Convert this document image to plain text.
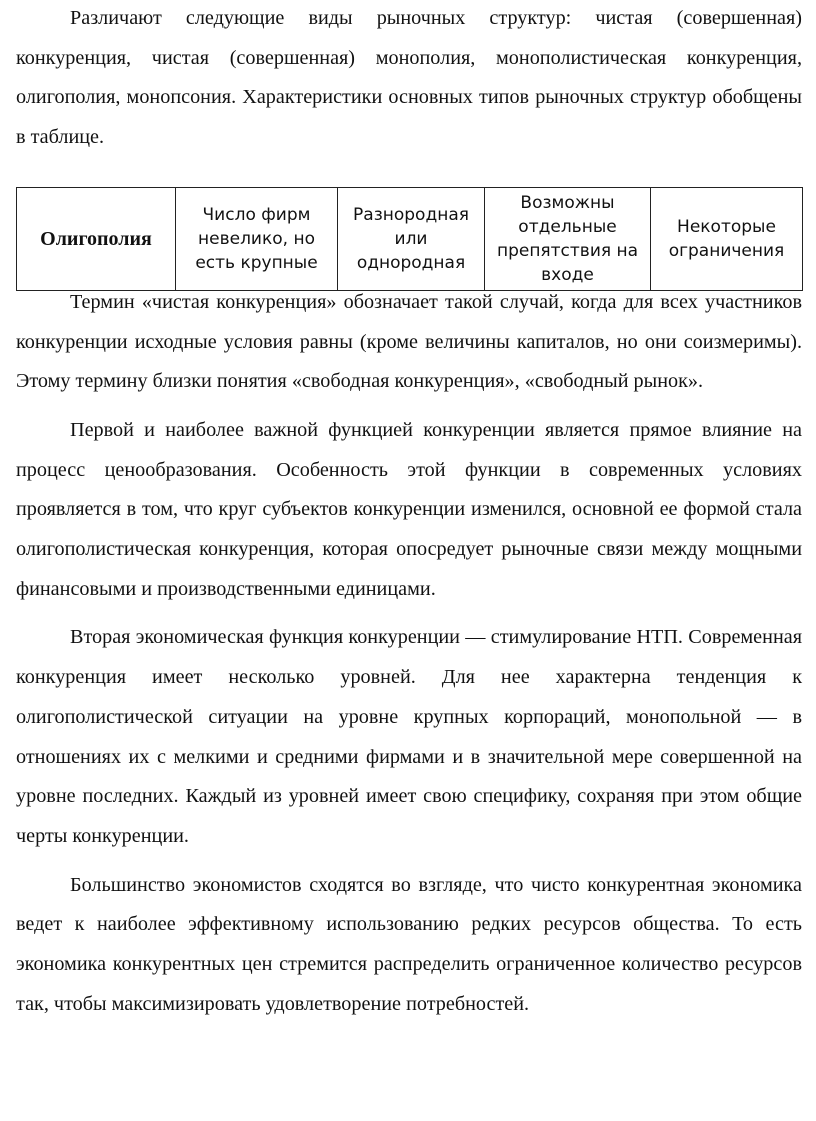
Различают следующие виды рыночных структур: чистая (совершенная) конкуренция, чистая (совершенная) монополия, монополистическая конкуренция, олигополия, монопсония. Характеристики основных типов рыночных структур обобщены в таблице.

Олигополия	Число фирм невелико, но есть крупные	Разнородная или однородная	Возможны отдельные препятствия на входе	Некоторые ограничения

Термин «чистая конкуренция» обозначает такой случай, когда для всех участников конкуренции исходные условия равны (кроме величины капиталов, но они соизмеримы). Этому термину близки понятия «свободная конкуренция», «свободный рынок».

Первой и наиболее важной функцией конкуренции является прямое влияние на процесс ценообразования. Особенность этой функции в современных условиях проявляется в том, что круг субъектов конкуренции изменился, основной ее формой стала олигополистическая конкуренция, которая опосредует рыночные связи между мощными финансовыми и производственными единицами.

Вторая экономическая функция конкуренции — стимулирование НТП. Современная конкуренция имеет несколько уровней. Для нее характерна тенденция к олигополистической ситуации на уровне крупных корпораций, монопольной — в отношениях их с мелкими и средними фирмами и в значительной мере совершенной на уровне последних. Каждый из уровней имеет свою специфику, сохраняя при этом общие черты конкуренции.

Большинство экономистов сходятся во взгляде, что чисто конкурентная экономика ведет к наиболее эффективному использованию редких ресурсов общества. То есть экономика конкурентных цен стремится распределить ограниченное количество ресурсов так, чтобы максимизировать удовлетворение потребностей.
